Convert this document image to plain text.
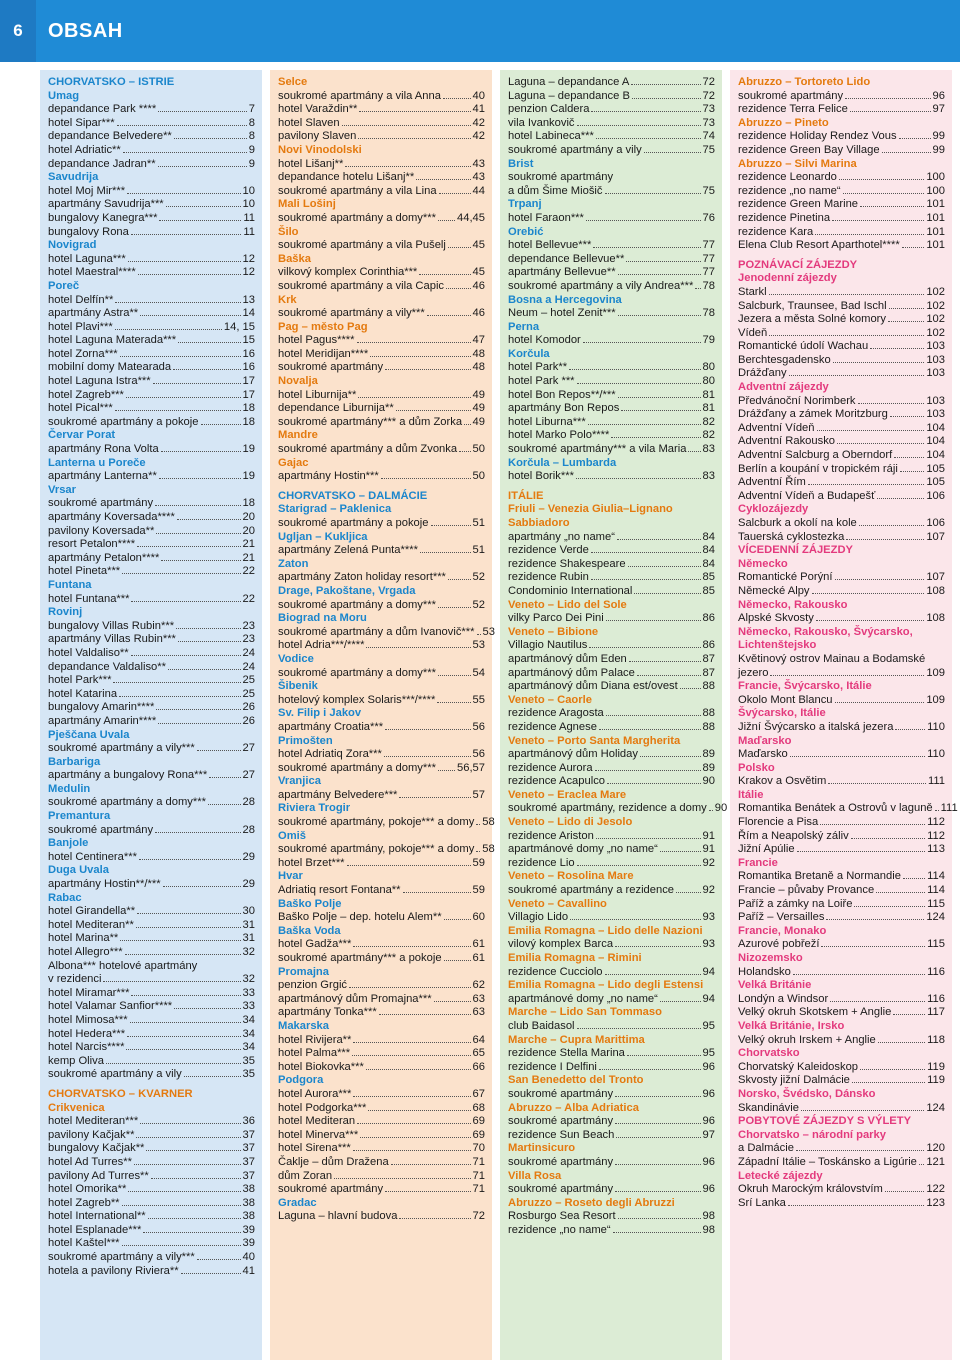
6	OBSAH
CHORVATSKO – ISTRIE
Umag
depandance Park ****	7
hotel Sipar***	8
depandance Belvedere**	8
hotel Adriatic**	9
depandance Jadran**	9
Savudrija
hotel Moj Mir***	10
apartmány Savudrija***	10
bungalovy Kanegra***	11
bungalovy Rona	11
Novigrad
hotel Laguna***	12
hotel Maestral****	12
Poreč
hotel Delfín**	13
apartmány Astra**	14
hotel Plavi***	14, 15
hotel Laguna Materada***	15
hotel Zorna***	16
mobilní domy Matearada	16
hotel Laguna Istra***	17
hotel Zagreb***	17
hotel Pical***	18
soukromé apartmány a pokoje	18
Červar Porat
apartmány Rona Volta	19
Lanterna u Poreče
apartmány Lanterna**	19
Vrsar
soukromé apartmány	18
apartmány Koversada****	20
pavilony Koversada**	20
resort Petalon****	21
apartmány Petalon****	21
hotel Pineta***	22
Funtana
hotel Funtana***	22
Rovinj
bungalovy Villas Rubin***	23
apartmány Villas Rubin***	23
hotel Valdaliso**	24
depandance Valdaliso**	24
hotel Park***	25
hotel Katarina	25
bungalovy Amarin****	26
apartmány Amarin****	26
Pješčana Uvala
soukromé apartmány a vily***	27
Barbariga
apartmány a bungalovy Rona***	27
Medulin
soukromé apartmány a domy***	28
Premantura
soukromé apartmány	28
Banjole
hotel Centinera***	29
Duga Uvala
apartmány Hostin**/***	29
Rabac
hotel Girandella**	30
hotel Mediteran**	31
hotel Marina**	31
hotel Allegro***	32
Albona*** hotelové apartmány
v rezidenci	32
hotel Miramar***	33
hotel Valamar Sanfior****	33
hotel Mimosa***	34
hotel Hedera***	34
hotel Narcis****	34
kemp Oliva	35
soukromé apartmány a vily	35
CHORVATSKO – KVARNER
Crikvenica
hotel Mediteran***	36
pavilony Kačjak**	37
bungalovy Kačjak**	37
hotel Ad Turres**	37
pavilony Ad Turres**	37
hotel Omorika**	38
hotel Zagreb**	38
hotel International**	38
hotel Esplanade***	39
hotel Kaštel***	39
soukromé apartmány a vily***	40
hotela a pavilony Riviera**	41
Selce
soukromé apartmány a vila Anna	40
hotel Varaždin**	41
hotel Slaven	42
pavilony Slaven	42
Novi Vinodolski
hotel Lišanj**	43
depandance hotelu Lišanj**	43
soukromé apartmány a vila Lina	44
Mali Lošinj
soukromé apartmány a domy*** 44,45
Šilo
soukromé apartmány a vila Pušelj 45
Baška
vilkový komplex Corinthia***	45
soukromé apartmány a vila Capic	46
Krk
soukromé apartmány a vily***	46
Pag – město Pag
hotel Pagus****	47
hotel Meridijan****	48
soukromé apartmány	48
Novalja
hotel Liburnija**	49
dependance Liburnija**	49
soukromé apartmány*** a dům Zorka 49
Mandre
soukromé apartmány a dům Zvonka 50
Gajac
apartmány Hostin***	50
CHORVATSKO – DALMÁCIE
Starigrad – Paklenica
soukromé apartmány a pokoje	51
Ugljan – Kukljica
apartmány Zelená Punta****	51
Zaton
apartmány Zaton holiday resort*** 52
Drage, Pakoštane, Vrgada
soukromé apartmány a domy***	52
Biograd na Moru
soukromé apartmány a dům Ivanovič*** 53
hotel Adria***/****	53
Vodice
soukromé apartmány a domy***	54
Šibenik
hotelový komplex Solaris***/****	55
Sv. Filip i Jakov
apartmány Croatia***	56
Primošten
hotel Adriatiq Zora***	56
soukromé apartmány a domy*** 56,57
Vranjica
apartmány Belvedere***	57
Riviera Trogir
soukromé apartmány, pokoje*** a domy 58
Omiš
soukromé apartmány, pokoje*** a domy 58
hotel Brzet***	59
Hvar
Adriatiq resort Fontana**	59
Baško Polje
Baško Polje – dep. hotelu Alem**	60
Baška Voda
hotel Gadža***	61
soukromé apartmány*** a pokoje	61
Promajna
penzion Grgić	62
apartmánový dům Promajna***	63
apartmány Tonka***	63
Makarska
hotel Rivijera**	64
hotel Palma***	65
hotel Biokovka***	66
Podgora
hotel Aurora***	67
hotel Podgorka***	68
hotel Mediteran	69
hotel Minerva***	69
hotel Sirena***	70
Čaklje – dům Dražena	71
dům Zoran	71
soukromé apartmány	71
Gradac
Laguna – hlavní budova	72
Laguna – depandance A	72
Laguna – depandance B	72
penzion Caldera	73
vila Ivankovič	73
hotel Labineca***	74
soukromé apartmány a vily	75
Brist
soukromé apartmány
a dům Šime Miošič	75
Trpanj
hotel Faraon***	76
Orebić
hotel Bellevue***	77
dependance Bellevue**	77
apartmány Bellevue**	77
soukromé apartmány a vily Andrea*** 78
Bosna a Hercegovina
Neum – hotel Zenit***	78
Perna
hotel Komodor	79
Korčula
hotel Park**	80
hotel Park ***	80
hotel Bon Repos**/***	81
apartmány Bon Repos	81
hotel Liburna***	82
hotel Marko Polo****	82
soukromé apartmány*** a vila Maria 83
Korčula – Lumbarda
hotel Borik***	83
ITÁLIE
Friuli – Venezia Giulia–Lignano
Sabbiadoro
apartmány „no name“	84
rezidence Verde	84
rezidence Shakespeare	84
rezidence Rubin	85
Condominio International	85
Veneto – Lido del Sole
vilky Parco Dei Pini	86
Veneto – Bibione
Villagio Nautilus	86
apartmánový dům Eden	87
apartmánový dům Palace	87
apartmánový dům Diana est/ovest 88
Veneto – Caorle
rezidence Aragosta	88
rezidence Agnese	88
Veneto – Porto Santa Margherita
apartmánový dům Holiday	89
rezidence Aurora	89
rezidence Acapulco	90
Veneto – Eraclea Mare
soukromé apartmány, rezidence a domy 90
Veneto – Lido di Jesolo
rezidence Ariston	91
apartmánové domy „no name“	91
rezidence Lio	92
Veneto – Rosolina Mare
soukromé apartmány a rezidence	92
Veneto – Cavallino
Villagio Lido	93
Emilia Romagna – Lido delle Nazioni
vilový komplex Barca	93
Emilia Romagna – Rimini
rezidence Cucciolo	94
Emilia Romagna – Lido degli Estensi
apartmánové domy „no name“	94
Marche – Lido San Tommaso
club Baidasol	95
Marche – Cupra Marittima
rezidence Stella Marina	95
rezidence I Delfini	96
San Benedetto del Tronto
soukromé apartmány	96
Abruzzo – Alba Adriatica
soukromé apartmány	96
rezidence Sun Beach	97
Martinsicuro
soukromé apartmány	96
Villa Rosa
soukromé apartmány	96
Abruzzo – Roseto degli Abruzzi
Rosburgo Sea Resort	98
rezidence „no name“	98
Abruzzo – Tortoreto Lido
soukromé apartmány	96
rezidence Terra Felice	97
Abruzzo – Pineto
rezidence Holiday Rendez Vous	99
rezidence Green Bay Village	99
Abruzzo – Silvi Marina
rezidence Leonardo	100
rezidence „no name“	100
rezidence Green Marine	101
rezidence Pinetina	101
rezidence Kara	101
Elena Club Resort Aparthotel**** 101
POZNÁVACÍ ZÁJEZDY
Jenodenní zájezdy
Starkl	102
Salcburk, Traunsee, Bad Ischl	102
Jezera a města Solné komory	102
Vídeň	102
Romantické údolí Wachau	103
Berchtesgadensko	103
Drážďany	103
Adventní zájezdy
Předvánoční Norimberk	103
Drážďany a zámek Moritzburg	103
Adventní Vídeň	104
Adventní Rakousko	104
Adventní Salcburg a Oberndorf	104
Berlín a koupání v tropickém ráji	105
Adventní Řím	105
Adventní Vídeň a Budapešť	106
Cyklozájezdy
Salcburk a okolí na kole	106
Tauerská cyklostezka	107
VÍCEDENNÍ ZÁJEZDY
Německo
Romantické Porýní	107
Německé Alpy	108
Německo, Rakousko
Alpské Skvosty	108
Německo, Rakousko, Švýcarsko,
Lichtenštejsko
Květinový ostrov Mainau a Bodamské
jezero	109
Francie, Švýcarsko, Itálie
Okolo Mont Blancu	109
Švýcarsko, Itálie
Jižní Švýcarsko a italská jezera	110
Maďarsko
Maďarsko	110
Polsko
Krakov a Osvětim	111
Itálie
Romantika Benátek a Ostrovů v laguně 111
Florencie a Pisa	112
Řím a Neapolský záliv	112
Jižní Apúlie	113
Francie
Romantika Bretaně a Normandie 114
Francie – půvaby Provance	114
Paříž a zámky na Loiře	115
Paříž – Versailles	124
Francie, Monako
Azurové pobřeží	115
Nizozemsko
Holandsko	116
Velká Británie
Londýn a Windsor	116
Velký okruh Skotskem + Anglie	117
Velká Británie, Irsko
Velký okruh Irskem + Anglie	118
Chorvatsko
Chorvatský Kaleidoskop	119
Skvosty jižní Dalmácie	119
Norsko, Švédsko, Dánsko
Skandinávie	124
POBYTOVÉ ZÁJEZDY S VÝLETY
Chorvatsko – národní parky
a Dalmácie	120
Západní Itálie – Toskánsko a Ligúrie 121
Letecké zájezdy
Okruh Marockým královstvím	122
Srí Lanka	123
